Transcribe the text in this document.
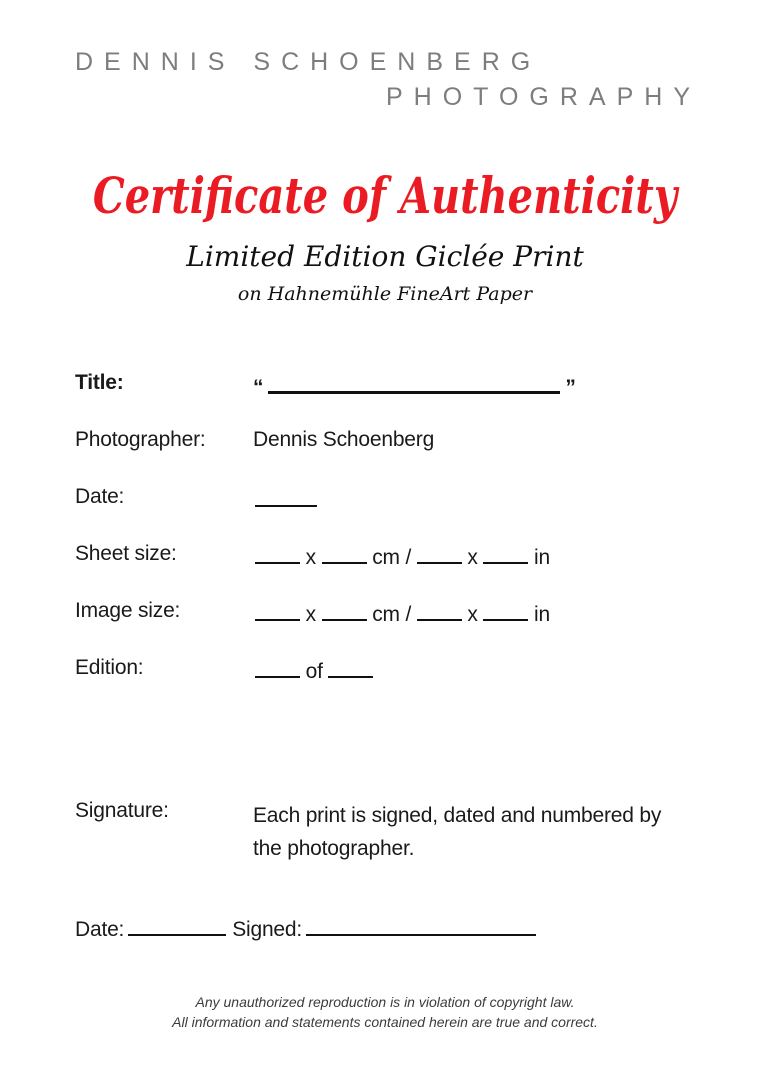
DENNIS SCHOENBERG
PHOTOGRAPHY
Certificate of Authenticity
Limited Edition Giclée Print
on Hahnemühle FineArt Paper
Title:	“	”
Photographer: Dennis Schoenberg
Date:
Sheet size:	x	cm /	x	in
Image size:	x	cm /	x	in
Edition:	of
Signature:	Each print is signed, dated and numbered by
the photographer.
Date:	Signed:
Any unauthorized reproduction is in violation of copyright law.
All information and statements contained herein are true and correct.
